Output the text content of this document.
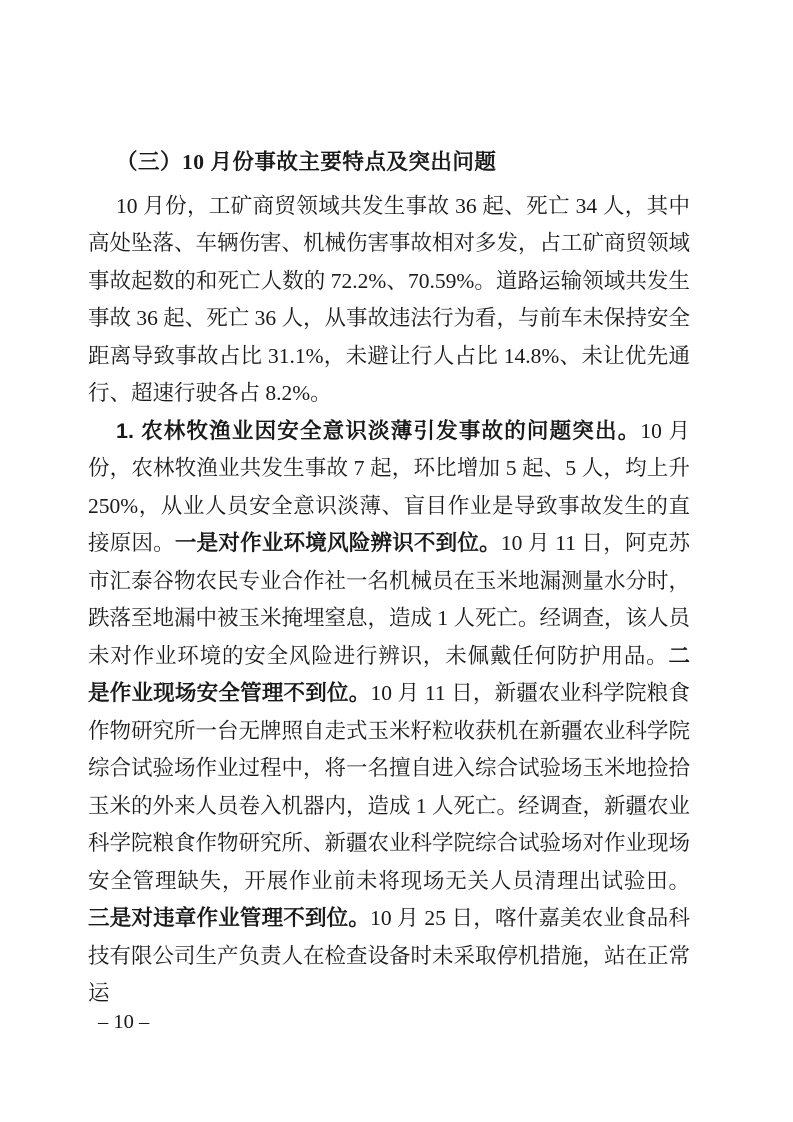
（三）10 月份事故主要特点及突出问题

10 月份，工矿商贸领域共发生事故 36 起、死亡 34 人，其中高处坠落、车辆伤害、机械伤害事故相对多发，占工矿商贸领域事故起数的和死亡人数的 72.2%、70.59%。道路运输领域共发生事故 36 起、死亡 36 人，从事故违法行为看，与前车未保持安全距离导致事故占比 31.1%，未避让行人占比 14.8%、未让优先通行、超速行驶各占 8.2%。

1. 农林牧渔业因安全意识淡薄引发事故的问题突出。10 月份，农林牧渔业共发生事故 7 起，环比增加 5 起、5 人，均上升 250%，从业人员安全意识淡薄、盲目作业是导致事故发生的直接原因。一是对作业环境风险辨识不到位。10 月 11 日，阿克苏市汇泰谷物农民专业合作社一名机械员在玉米地漏测量水分时，跌落至地漏中被玉米掩埋窒息，造成 1 人死亡。经调查，该人员未对作业环境的安全风险进行辨识，未佩戴任何防护用品。二是作业现场安全管理不到位。10 月 11 日，新疆农业科学院粮食作物研究所一台无牌照自走式玉米籽粒收获机在新疆农业科学院综合试验场作业过程中，将一名擅自进入综合试验场玉米地捡拾玉米的外来人员卷入机器内，造成 1 人死亡。经调查，新疆农业科学院粮食作物研究所、新疆农业科学院综合试验场对作业现场安全管理缺失，开展作业前未将现场无关人员清理出试验田。三是对违章作业管理不到位。10 月 25 日，喀什嘉美农业食品科技有限公司生产负责人在检查设备时未采取停机措施，站在正常运

– 10 –
